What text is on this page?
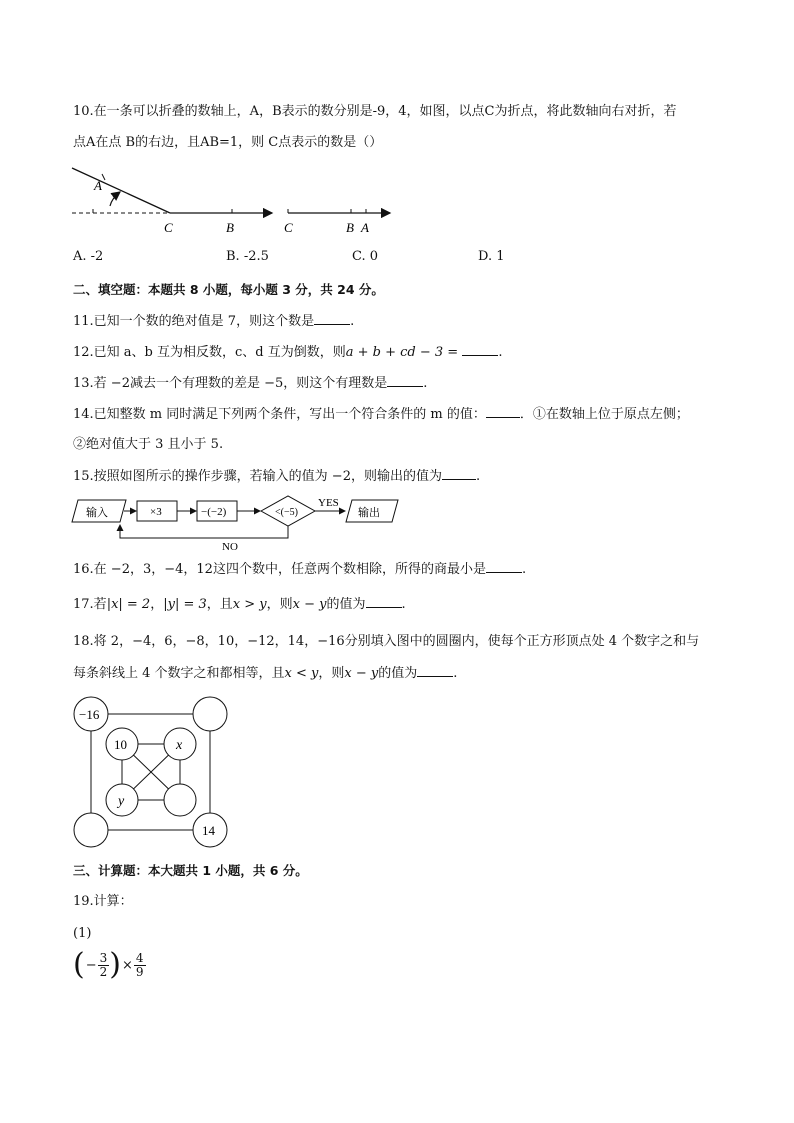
10.在一条可以折叠的数轴上，A，B表示的数分别是-9，4，如图，以点C为折点，将此数轴向右对折，若
点A在点 B的右边，且AB=1，则 C点表示的数是（）
A
C	B	C	B A
A. -2	B. -2.5	C. 0	D. 1
二、填空题：本题共 8 小题，每小题 3 分，共 24 分。
11.已知一个数的绝对值是 7，则这个数是	.
12.已知 a、b 互为相反数，c、d 互为倒数，则a + b + cd − 3 =	.
13.若 −2减去一个有理数的差是 −5，则这个有理数是	.
14.已知整数 m 同时满足下列两个条件，写出一个符合条件的 m 的值：	．①在数轴上位于原点左侧；
②绝对值大于 3 且小于 5.
15.按照如图所示的操作步骤，若输入的值为 −2，则输出的值为	.
输入	×3	−(−2)	<(−5)
YES
输出
NO
16.在 −2，3，−4，12这四个数中，任意两个数相除，所得的商最小是	.
17.若|x| = 2，|y| = 3，且x > y，则x − y的值为	.
18.将 2，−4，6，−8，10，−12，14，−16分别填入图中的圆圈内，使每个正方形顶点处 4 个数字之和与
每条斜线上 4 个数字之和都相等，且x < y，则x − y的值为	.
−16
10	x
y
14
三、计算题：本大题共 1 小题，共 6 分。
19.计算：
(1)
( − $\frac{3}{2}$ ) × $\frac{4}{9}$
